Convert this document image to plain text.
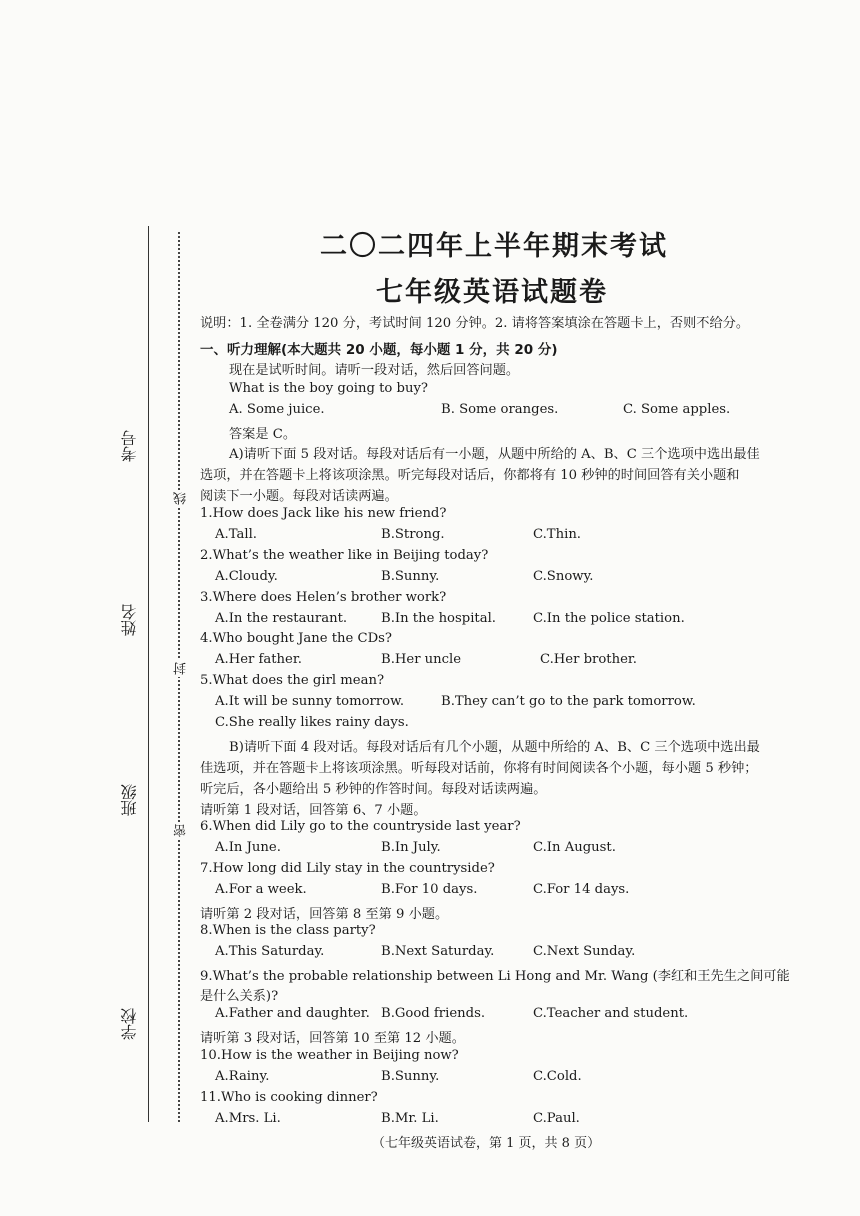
考号
姓名
班级
学校
线
封
密
二〇二四年上半年期末考试
七年级英语试题卷
说明：1. 全卷满分 120 分，考试时间 120 分钟。2. 请将答案填涂在答题卡上，否则不给分。
一、听力理解(本大题共 20 小题，每小题 1 分，共 20 分)
现在是试听时间。请听一段对话，然后回答问题。
What is the boy going to buy?
A. Some juice.	B. Some oranges.	C. Some apples.
答案是 C。
A)请听下面 5 段对话。每段对话后有一小题，从题中所给的 A、B、C 三个选项中选出最佳
选项，并在答题卡上将该项涂黑。听完每段对话后，你都将有 10 秒钟的时间回答有关小题和
阅读下一小题。每段对话读两遍。
1.How does Jack like his new friend?
A.Tall.	B.Strong.	C.Thin.
2.What’s the weather like in Beijing today?
A.Cloudy.	B.Sunny.	C.Snowy.
3.Where does Helen’s brother work?
A.In the restaurant.	B.In the hospital.	C.In the police station.
4.Who bought Jane the CDs?
A.Her father.	B.Her uncle	C.Her brother.
5.What does the girl mean?
A.It will be sunny tomorrow.	B.They can’t go to the park tomorrow.
C.She really likes rainy days.
B)请听下面 4 段对话。每段对话后有几个小题，从题中所给的 A、B、C 三个选项中选出最
佳选项，并在答题卡上将该项涂黑。听每段对话前，你将有时间阅读各个小题，每小题 5 秒钟；
听完后，各小题给出 5 秒钟的作答时间。每段对话读两遍。
请听第 1 段对话，回答第 6、7 小题。
6.When did Lily go to the countryside last year?
A.In June.	B.In July.	C.In August.
7.How long did Lily stay in the countryside?
A.For a week.	B.For 10 days.	C.For 14 days.
请听第 2 段对话，回答第 8 至第 9 小题。
8.When is the class party?
A.This Saturday.	B.Next Saturday.	C.Next Sunday.
9.What’s the probable relationship between Li Hong and Mr. Wang (李红和王先生之间可能
是什么关系)?
A.Father and daughter. B.Good friends.	C.Teacher and student.
请听第 3 段对话，回答第 10 至第 12 小题。
10.How is the weather in Beijing now?
A.Rainy.	B.Sunny.	C.Cold.
11.Who is cooking dinner?
A.Mrs. Li.	B.Mr. Li.	C.Paul.
（七年级英语试卷，第 1 页，共 8 页）
